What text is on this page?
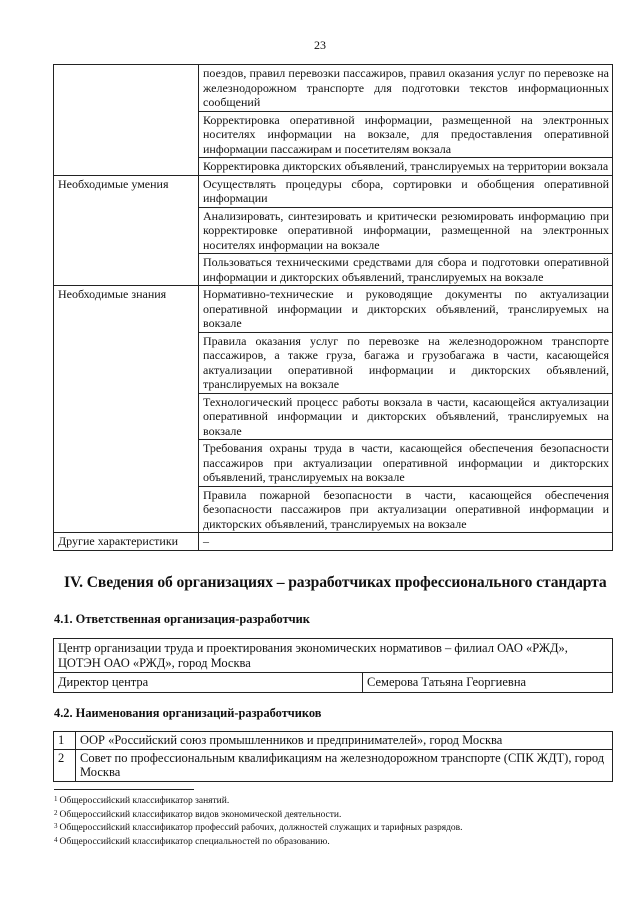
23
	поездов, правил перевозки пассажиров, правил оказания услуг по перевозке на железнодорожном транспорте для подготовки текстов информационных сообщений
	Корректировка оперативной информации, размещенной на электронных носителях информации на вокзале, для предоставления оперативной информации пассажирам и посетителям вокзала
	Корректировка дикторских объявлений, транслируемых на территории вокзала
Необходимые умения	Осуществлять процедуры сбора, сортировки и обобщения оперативной информации
	Анализировать, синтезировать и критически резюмировать информацию при корректировке оперативной информации, размещенной на электронных носителях информации на вокзале
	Пользоваться техническими средствами для сбора и подготовки оперативной информации и дикторских объявлений, транслируемых на вокзале
Необходимые знания	Нормативно-технические и руководящие документы по актуализации оперативной информации и дикторских объявлений, транслируемых на вокзале
	Правила оказания услуг по перевозке на железнодорожном транспорте пассажиров, а также груза, багажа и грузобагажа в части, касающейся актуализации оперативной информации и дикторских объявлений, транслируемых на вокзале
	Технологический процесс работы вокзала в части, касающейся актуализации оперативной информации и дикторских объявлений, транслируемых на вокзале
	Требования охраны труда в части, касающейся обеспечения безопасности пассажиров при актуализации оперативной информации и дикторских объявлений, транслируемых на вокзале
	Правила пожарной безопасности в части, касающейся обеспечения безопасности пассажиров при актуализации оперативной информации и дикторских объявлений, транслируемых на вокзале
Другие характеристики	–
IV. Сведения об организациях – разработчиках профессионального стандарта
4.1. Ответственная организация-разработчик
Центр организации труда и проектирования экономических нормативов – филиал ОАО «РЖД», ЦОТЭН ОАО «РЖД», город Москва
Директор центра	Семерова Татьяна Георгиевна
4.2. Наименования организаций-разработчиков
1	ООР «Российский союз промышленников и предпринимателей», город Москва
2	Совет по профессиональным квалификациям на железнодорожном транспорте (СПК ЖДТ), город Москва
$^1$ Общероссийский классификатор занятий.
$^2$ Общероссийский классификатор видов экономической деятельности.
$^3$ Общероссийский классификатор профессий рабочих, должностей служащих и тарифных разрядов.
$^4$ Общероссийский классификатор специальностей по образованию.
